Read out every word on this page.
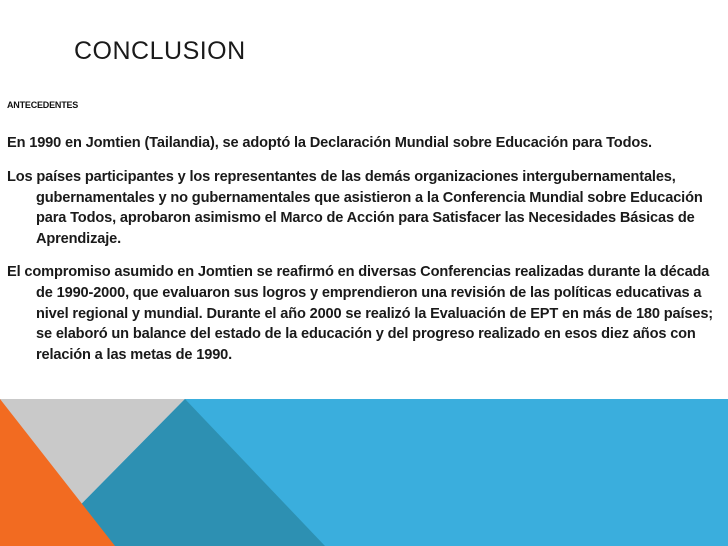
CONCLUSION
ANTECEDENTES

En 1990 en Jomtien (Tailandia), se adoptó la Declaración Mundial sobre Educación para Todos.

Los países participantes y los representantes de las demás organizaciones intergubernamentales, gubernamentales y no gubernamentales que asistieron a la Conferencia Mundial sobre Educación para Todos, aprobaron asimismo el Marco de Acción para Satisfacer las Necesidades Básicas de Aprendizaje.

El compromiso asumido en Jomtien se reafirmó en diversas Conferencias realizadas durante la década de 1990-2000, que evaluaron sus logros y emprendieron una revisión de las políticas educativas a nivel regional y mundial. Durante el año 2000 se realizó la Evaluación de EPT en más de 180 países; se elaboró un balance del estado de la educación y del progreso realizado en esos diez años con relación a las metas de 1990.
